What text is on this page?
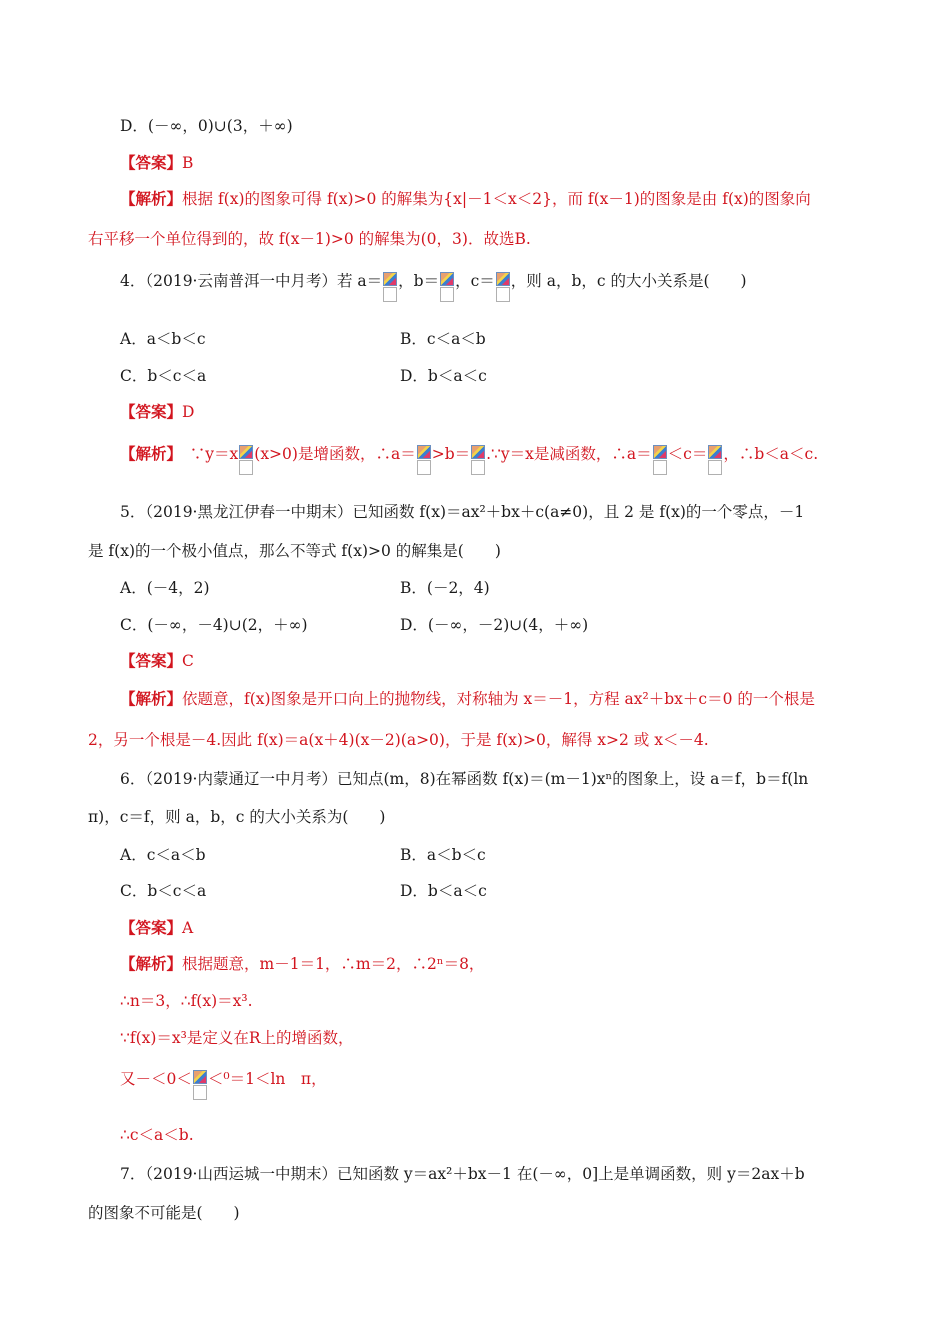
D．(－∞，0)∪(3，＋∞)
【答案】B
【解析】根据 f(x)的图象可得 f(x)>0 的解集为{x|－1＜x＜2}，而 f(x－1)的图象是由 f(x)的图象向
右平移一个单位得到的，故 f(x－1)>0 的解集为(0，3)．故选B.
4．（2019·云南普洱一中月考）若 a＝ ，b＝ ，c＝ ，则 a，b，c 的大小关系是(　　)
A．a＜b＜c	B．c＜a＜b
C．b＜c＜a	D．b＜a＜c
【答案】D
【解析】　∵y＝x (x>0)是增函数，∴a＝ >b＝ .∵y＝x是减函数，∴a＝ ＜c＝ ，∴b＜a＜c.
5．（2019·黑龙江伊春一中期末）已知函数 f(x)＝ax²＋bx＋c(a≠0)，且 2 是 f(x)的一个零点，－1
是 f(x)的一个极小值点，那么不等式 f(x)>0 的解集是(　　)
A．(－4，2)	B．(－2，4)
C．(－∞，－4)∪(2，＋∞)	D．(－∞，－2)∪(4，＋∞)
【答案】C
【解析】依题意，f(x)图象是开口向上的抛物线，对称轴为 x＝－1，方程 ax²＋bx＋c＝0 的一个根是
2，另一个根是－4.因此 f(x)＝a(x＋4)(x－2)(a>0)，于是 f(x)>0，解得 x>2 或 x＜－4.
6．（2019·内蒙通辽一中月考）已知点(m，8)在幂函数 f(x)＝(m－1)xⁿ的图象上，设 a＝f，b＝f(ln
π)，c＝f，则 a，b，c 的大小关系为(　　)
A．c＜a＜b	B．a＜b＜c
C．b＜c＜a	D．b＜a＜c
【答案】A
【解析】根据题意，m－1＝1，∴m＝2，∴2ⁿ＝8，
∴n＝3，∴f(x)＝x³.
∵f(x)＝x³是定义在R上的增函数，
又－＜0＜ ＜⁰＝1＜ln　π，
∴c＜a＜b.
7．（2019·山西运城一中期末）已知函数 y＝ax²＋bx－1 在(－∞，0]上是单调函数，则 y＝2ax＋b
的图象不可能是(　　)
